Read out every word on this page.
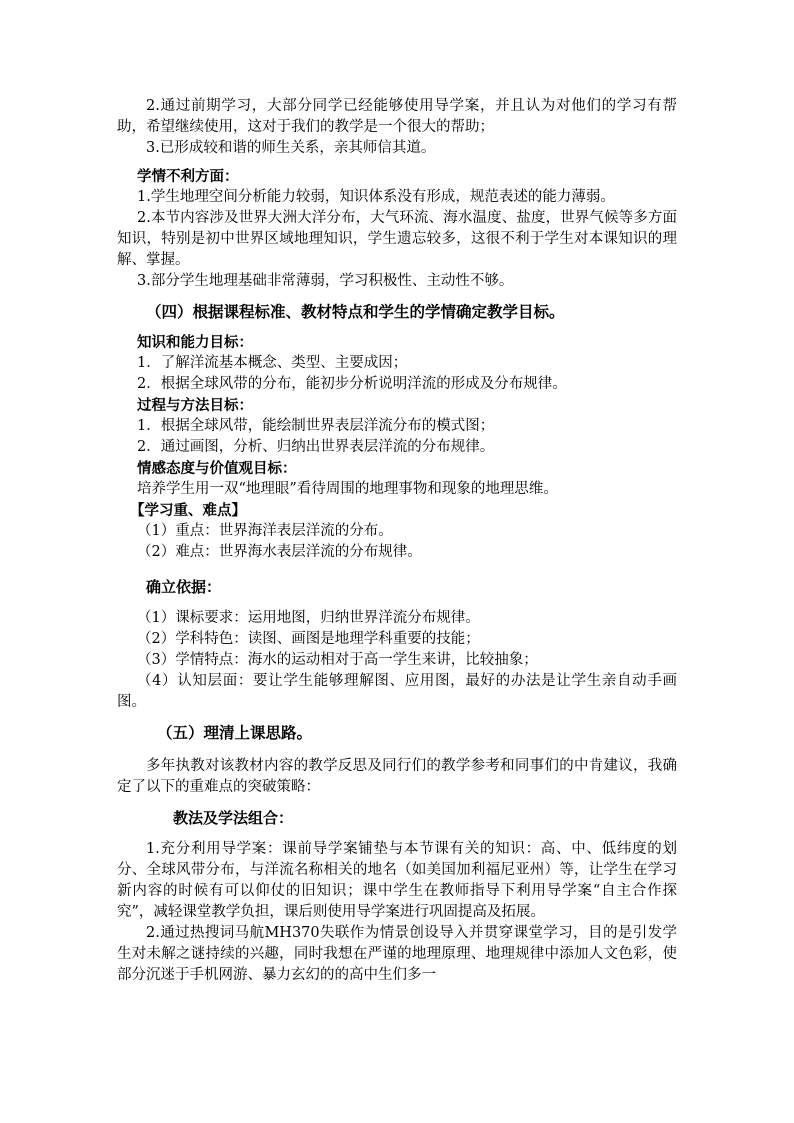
2.通过前期学习，大部分同学已经能够使用导学案，并且认为对他们的学习有帮助，希望继续使用，这对于我们的教学是一个很大的帮助；

3.已形成较和谐的师生关系，亲其师信其道。

学情不利方面：

1.学生地理空间分析能力较弱，知识体系没有形成，规范表述的能力薄弱。

2.本节内容涉及世界大洲大洋分布，大气环流、海水温度、盐度，世界气候等多方面知识，特别是初中世界区域地理知识，学生遗忘较多，这很不利于学生对本课知识的理解、掌握。

3.部分学生地理基础非常薄弱，学习积极性、主动性不够。

（四）根据课程标准、教材特点和学生的学情确定教学目标。

知识和能力目标：

1．了解洋流基本概念、类型、主要成因；

2．根据全球风带的分布，能初步分析说明洋流的形成及分布规律。

过程与方法目标：

1．根据全球风带，能绘制世界表层洋流分布的模式图；

2．通过画图，分析、归纳出世界表层洋流的分布规律。

情感态度与价值观目标：

培养学生用一双“地理眼”看待周围的地理事物和现象的地理思维。

【学习重、难点】

（1）重点：世界海洋表层洋流的分布。

（2）难点：世界海水表层洋流的分布规律。

确立依据：

（1）课标要求：运用地图，归纳世界洋流分布规律。

（2）学科特色：读图、画图是地理学科重要的技能；

（3）学情特点：海水的运动相对于高一学生来讲，比较抽象；

（4）认知层面：要让学生能够理解图、应用图，最好的办法是让学生亲自动手画图。

（五）理清上课思路。

多年执教对该教材内容的教学反思及同行们的教学参考和同事们的中肯建议，我确定了以下的重难点的突破策略：

教法及学法组合：

1.充分利用导学案：课前导学案铺垫与本节课有关的知识：高、中、低纬度的划分、全球风带分布，与洋流名称相关的地名（如美国加利福尼亚州）等，让学生在学习新内容的时候有可以仰仗的旧知识；课中学生在教师指导下利用导学案“自主合作探究”，减轻课堂教学负担，课后则使用导学案进行巩固提高及拓展。

2.通过热搜词马航MH370失联作为情景创设导入并贯穿课堂学习，目的是引发学生对未解之谜持续的兴趣，同时我想在严谨的地理原理、地理规律中添加人文色彩，使部分沉迷于手机网游、暴力玄幻的的高中生们多一
